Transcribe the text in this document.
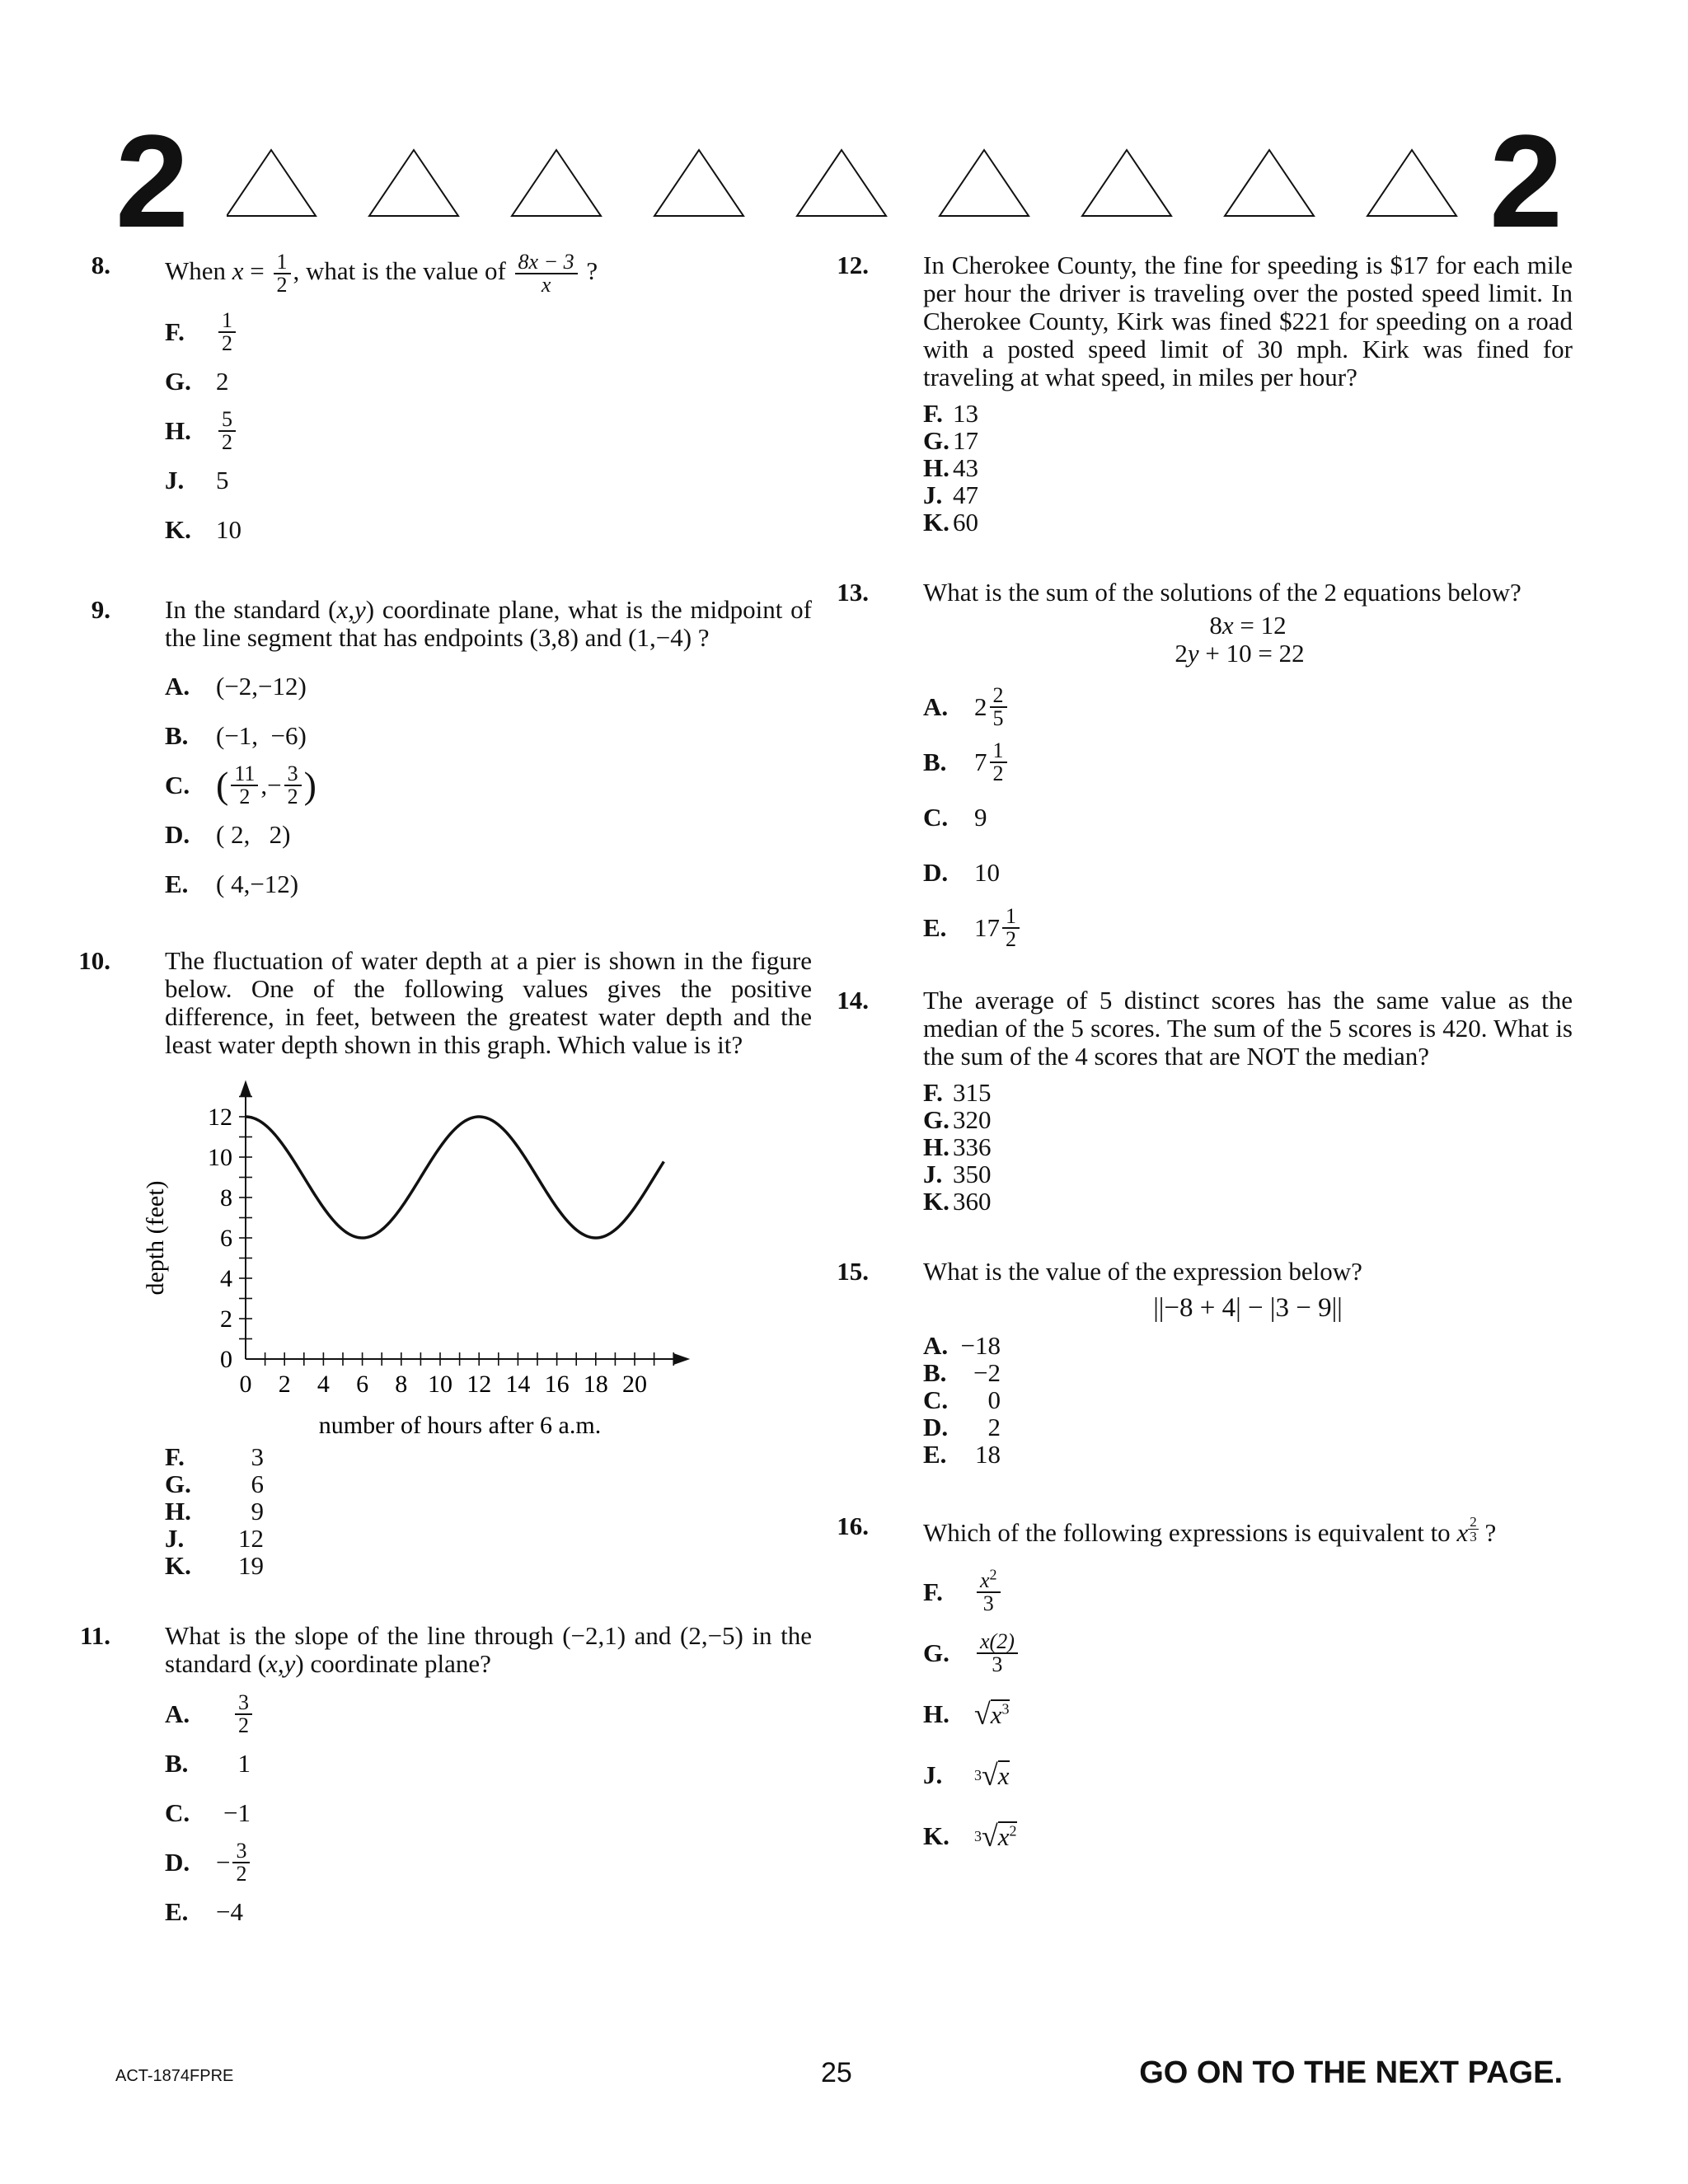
2	2
8.	When $x = \frac{1}{2}$ , what is the value of $\frac{8x - 3}{x}$ ?
F.	$\frac{1}{2}$
G. 2
H.	$\frac{5}{2}$
J.	5
K. 10
9.	In the standard (x,y) coordinate plane, what is the midpoint of the line segment that has endpoints (3,8) and (1,−4) ?
A.	(−2,−12)
B.	(−1,  −6)
C. ( $\frac{11}{2}$ ,− $\frac{3}{2}$ )
D.	( 2,   2)
E.	( 4,−12)
10.	The fluctuation of water depth at a pier is shown in the figure below. One of the following values gives the positive difference, in feet, between the greatest water depth and the least water depth shown in this graph. Which value is it?
0 2 4 6 8 10 12 14 16 18 20
0
2
4
6
8
10
12
number of hours after 6 a.m.
depth (feet)
F.	3
G.	6
H.	9
J.	12
K.	19
11.	What is the slope of the line through (−2,1) and (2,−5) in the standard (x,y) coordinate plane?
A.	$\frac{3}{2}$
B.	1
C.	−1
D.	− $\frac{3}{2}$
E.	−4
12.	In Cherokee County, the fine for speeding is $17 for each mile per hour the driver is traveling over the posted speed limit. In Cherokee County, Kirk was fined $221 for speeding on a road with a posted speed limit of 30 mph. Kirk was fined for traveling at what speed, in miles per hour?
F. 13
G. 17
H. 43
J. 47
K. 60
13.	What is the sum of the solutions of the 2 equations below?
8x = 12
2y + 10 = 22
A.	$2 \frac{2}{5}$
B.	$7 \frac{1}{2}$
C.	9
D.	10
E.	$17 \frac{1}{2}$
14.	The average of 5 distinct scores has the same value as the median of the 5 scores. The sum of the 5 scores is 420. What is the sum of the 4 scores that are NOT the median?
F. 315
G. 320
H. 336
J. 350
K. 360
15.	What is the value of the expression below?
||−8 + 4| − |3 − 9||
A. −18
B.	−2
C.	0
D.	2
E.	18
16.	Which of the following expressions is equivalent to x $\frac{2}{3}$ ?
F.	$\frac{x^2}{3}$
G.	$\frac{x(2)}{3}$
H. √ $x^3$
J.	3 √ x
K.	3 √ $x^2$
ACT-1874FPRE	25	GO ON TO THE NEXT PAGE.
